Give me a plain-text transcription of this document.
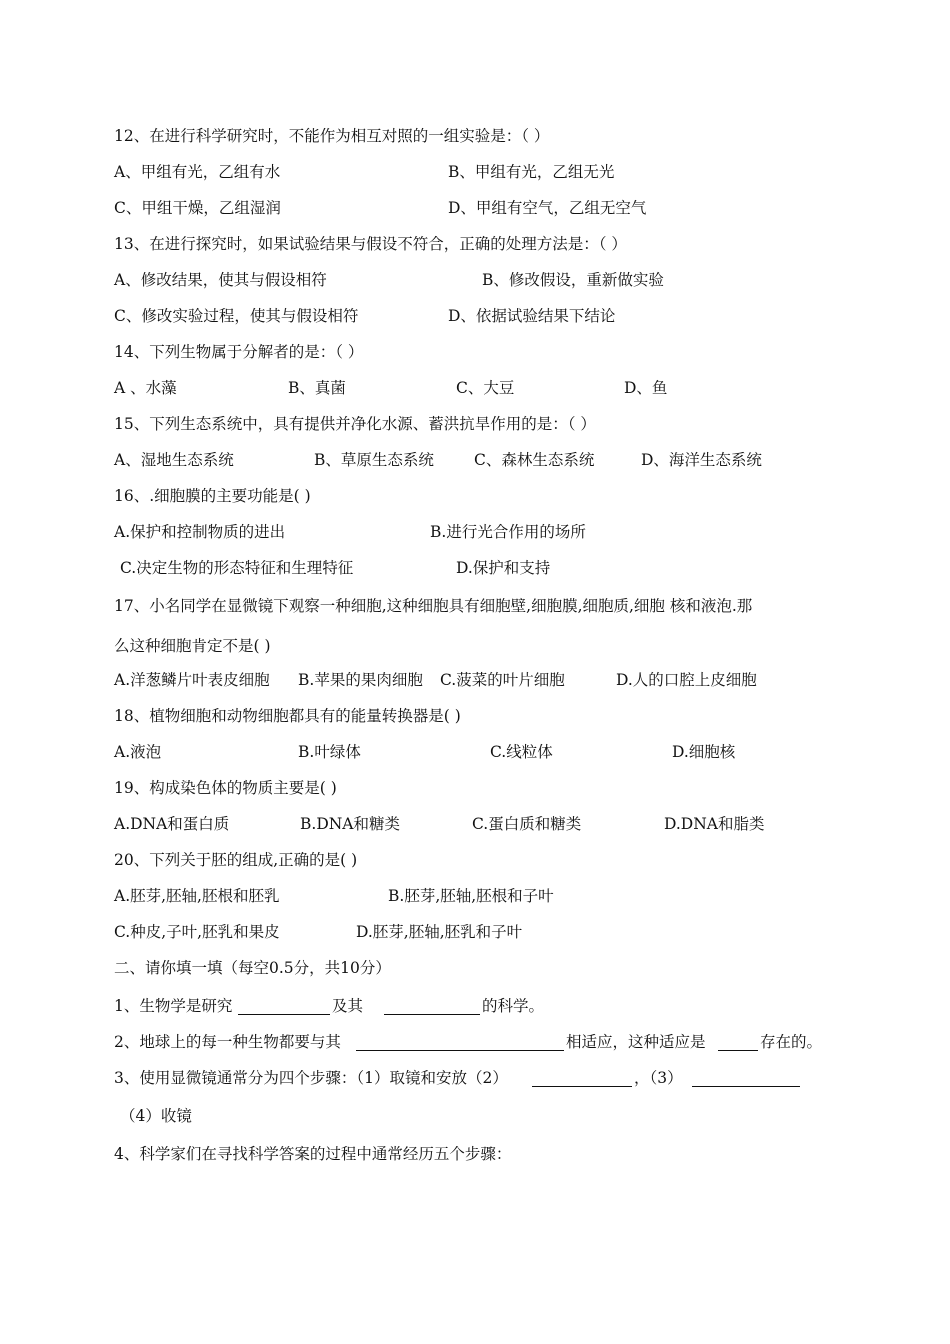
12、在进行科学研究时，不能作为相互对照的一组实验是：（ ）
A、甲组有光，乙组有水	B、甲组有光，乙组无光
C、甲组干燥，乙组湿润	D、甲组有空气，乙组无空气
13、在进行探究时，如果试验结果与假设不符合，正确的处理方法是：（ ）
A、修改结果，使其与假设相符	B、修改假设，重新做实验
C、修改实验过程，使其与假设相符	D、依据试验结果下结论
14、下列生物属于分解者的是：（ ）
A 、水藻	B、真菌	C、大豆	D、鱼
15、下列生态系统中，具有提供并净化水源、蓄洪抗旱作用的是：（ ）
A、湿地生态系统	B、草原生态系统	C、森林生态系统	D、海洋生态系统
16、.细胞膜的主要功能是( )
A.保护和控制物质的进出	B.进行光合作用的场所
C.决定生物的形态特征和生理特征	D.保护和支持
17、小名同学在显微镜下观察一种细胞,这种细胞具有细胞壁,细胞膜,细胞质,细胞 核和液泡.那
么这种细胞肯定不是( )
A.洋葱鳞片叶表皮细胞 B.苹果的果肉细胞 C.菠菜的叶片细胞	D.人的口腔上皮细胞
18、植物细胞和动物细胞都具有的能量转换器是( )
A.液泡	B.叶绿体	C.线粒体	D.细胞核
19、构成染色体的物质主要是( )
A.DNA和蛋白质	B.DNA和糖类	C.蛋白质和糖类	D.DNA和脂类
20、下列关于胚的组成,正确的是( )
A.胚芽,胚轴,胚根和胚乳	B.胚芽,胚轴,胚根和子叶
C.种皮,子叶,胚乳和果皮	D.胚芽,胚轴,胚乳和子叶
二、请你填一填（每空0.5分，共10分）
1、生物学是研究	及其	的科学。
2、地球上的每一种生物都要与其	相适应，这种适应是	存在的。
3、使用显微镜通常分为四个步骤：（1）取镜和安放（2）	，（3）
（4）收镜
4、科学家们在寻找科学答案的过程中通常经历五个步骤：
